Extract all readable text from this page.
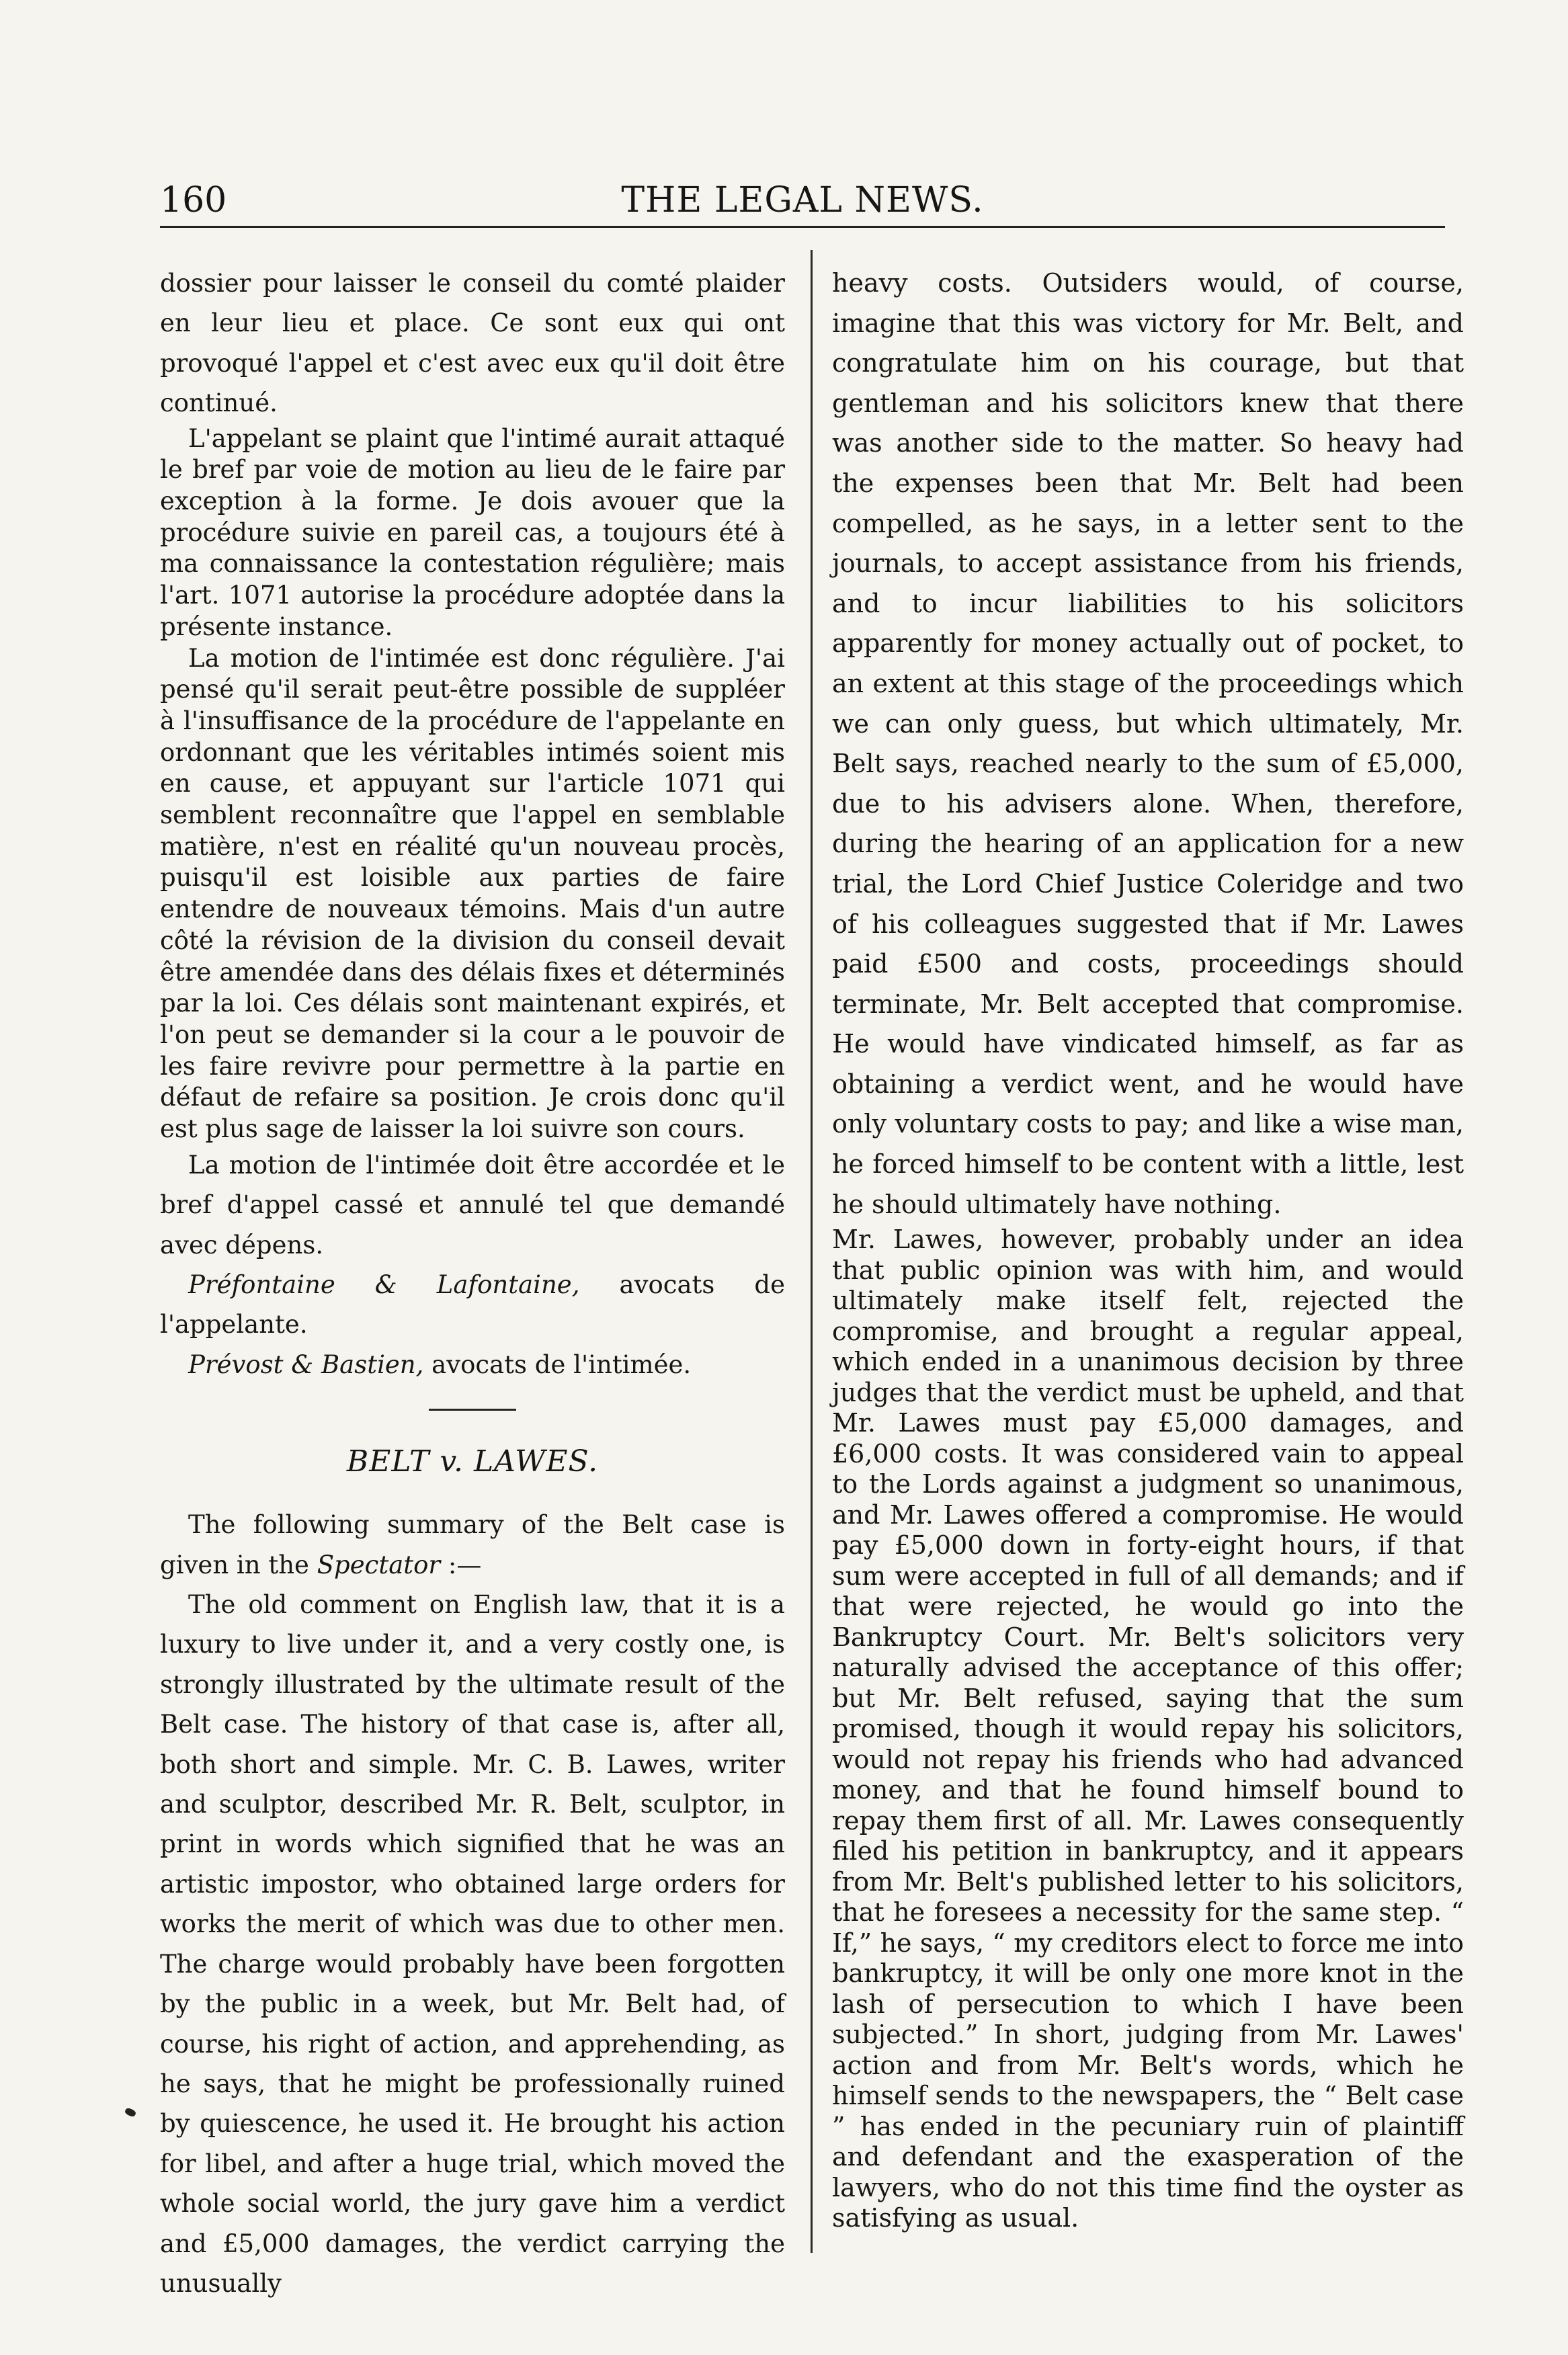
160	THE LEGAL NEWS.

dossier pour laisser le conseil du comté plaider en leur lieu et place. Ce sont eux qui ont provoqué l'appel et c'est avec eux qu'il doit être continué.

L'appelant se plaint que l'intimé aurait attaqué le bref par voie de motion au lieu de le faire par exception à la forme. Je dois avouer que la procédure suivie en pareil cas, a toujours été à ma connaissance la contestation régulière; mais l'art. 1071 autorise la procédure adoptée dans la présente instance.

La motion de l'intimée est donc régulière. J'ai pensé qu'il serait peut-être possible de suppléer à l'insuffisance de la procédure de l'appelante en ordonnant que les véritables intimés soient mis en cause, et appuyant sur l'article 1071 qui semblent reconnaître que l'appel en semblable matière, n'est en réalité qu'un nouveau procès, puisqu'il est loisible aux parties de faire entendre de nouveaux témoins. Mais d'un autre côté la révision de la division du conseil devait être amendée dans des délais fixes et déterminés par la loi. Ces délais sont maintenant expirés, et l'on peut se demander si la cour a le pouvoir de les faire revivre pour permettre à la partie en défaut de refaire sa position. Je crois donc qu'il est plus sage de laisser la loi suivre son cours.

La motion de l'intimée doit être accordée et le bref d'appel cassé et annulé tel que demandé avec dépens.

Préfontaine & Lafontaine, avocats de l'appelante.

Prévost & Bastien, avocats de l'intimée.

BELT v. LAWES.

The following summary of the Belt case is given in the Spectator :—

The old comment on English law, that it is a luxury to live under it, and a very costly one, is strongly illustrated by the ultimate result of the Belt case. The history of that case is, after all, both short and simple. Mr. C. B. Lawes, writer and sculptor, described Mr. R. Belt, sculptor, in print in words which signified that he was an artistic impostor, who obtained large orders for works the merit of which was due to other men. The charge would probably have been forgotten by the public in a week, but Mr. Belt had, of course, his right of action, and apprehending, as he says, that he might be professionally ruined by quiescence, he used it. He brought his action for libel, and after a huge trial, which moved the whole social world, the jury gave him a verdict and £5,000 damages, the verdict carrying the unusually

heavy costs. Outsiders would, of course, imagine that this was victory for Mr. Belt, and congratulate him on his courage, but that gentleman and his solicitors knew that there was another side to the matter. So heavy had the expenses been that Mr. Belt had been compelled, as he says, in a letter sent to the journals, to accept assistance from his friends, and to incur liabilities to his solicitors apparently for money actually out of pocket, to an extent at this stage of the proceedings which we can only guess, but which ultimately, Mr. Belt says, reached nearly to the sum of £5,000, due to his advisers alone. When, therefore, during the hearing of an application for a new trial, the Lord Chief Justice Coleridge and two of his colleagues suggested that if Mr. Lawes paid £500 and costs, proceedings should terminate, Mr. Belt accepted that compromise. He would have vindicated himself, as far as obtaining a verdict went, and he would have only voluntary costs to pay; and like a wise man, he forced himself to be content with a little, lest he should ultimately have nothing.

Mr. Lawes, however, probably under an idea that public opinion was with him, and would ultimately make itself felt, rejected the compromise, and brought a regular appeal, which ended in a unanimous decision by three judges that the verdict must be upheld, and that Mr. Lawes must pay £5,000 damages, and £6,000 costs. It was considered vain to appeal to the Lords against a judgment so unanimous, and Mr. Lawes offered a compromise. He would pay £5,000 down in forty-eight hours, if that sum were accepted in full of all demands; and if that were rejected, he would go into the Bankruptcy Court. Mr. Belt's solicitors very naturally advised the acceptance of this offer; but Mr. Belt refused, saying that the sum promised, though it would repay his solicitors, would not repay his friends who had advanced money, and that he found himself bound to repay them first of all. Mr. Lawes consequently filed his petition in bankruptcy, and it appears from Mr. Belt's published letter to his solicitors, that he foresees a necessity for the same step. “ If,” he says, “ my creditors elect to force me into bankruptcy, it will be only one more knot in the lash of persecution to which I have been subjected.” In short, judging from Mr. Lawes' action and from Mr. Belt's words, which he himself sends to the newspapers, the “ Belt case ” has ended in the pecuniary ruin of plaintiff and defendant and the exasperation of the lawyers, who do not this time find the oyster as satisfying as usual.
